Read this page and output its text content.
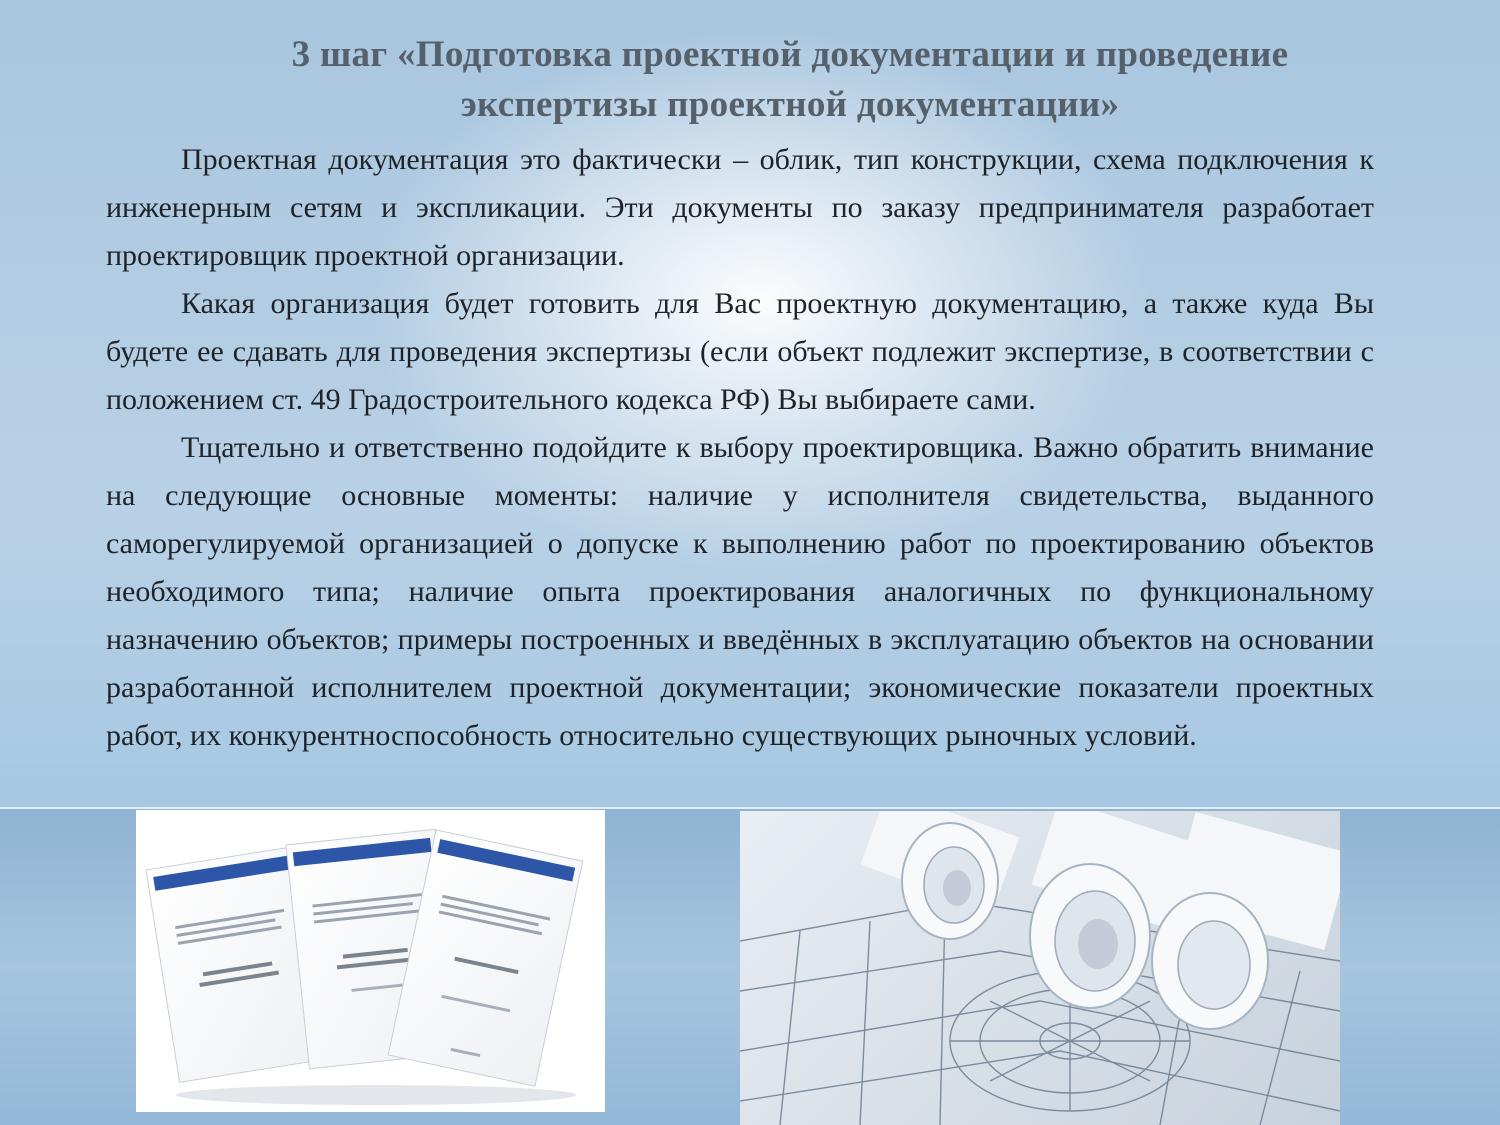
3 шаг «Подготовка проектной документации и проведение
экспертизы проектной документации»

Проектная документация это фактически – облик, тип конструкции, схема подключения к инженерным сетям и экспликации. Эти документы по заказу предпринимателя разработает проектировщик проектной организации.

Какая организация будет готовить для Вас проектную документацию, а также куда Вы будете ее сдавать для проведения экспертизы (если объект подлежит экспертизе, в соответствии с положением ст. 49 Градостроительного кодекса РФ) Вы выбираете сами.

Тщательно и ответственно подойдите к выбору проектировщика. Важно обратить внимание на следующие основные моменты: наличие у исполнителя свидетельства, выданного саморегулируемой организацией о допуске к выполнению работ по проектированию объектов необходимого типа; наличие опыта проектирования аналогичных по функциональному назначению объектов; примеры построенных и введённых в эксплуатацию объектов на основании разработанной исполнителем проектной документации; экономические показатели проектных работ, их конкурентноспособность относительно существующих рыночных условий.
